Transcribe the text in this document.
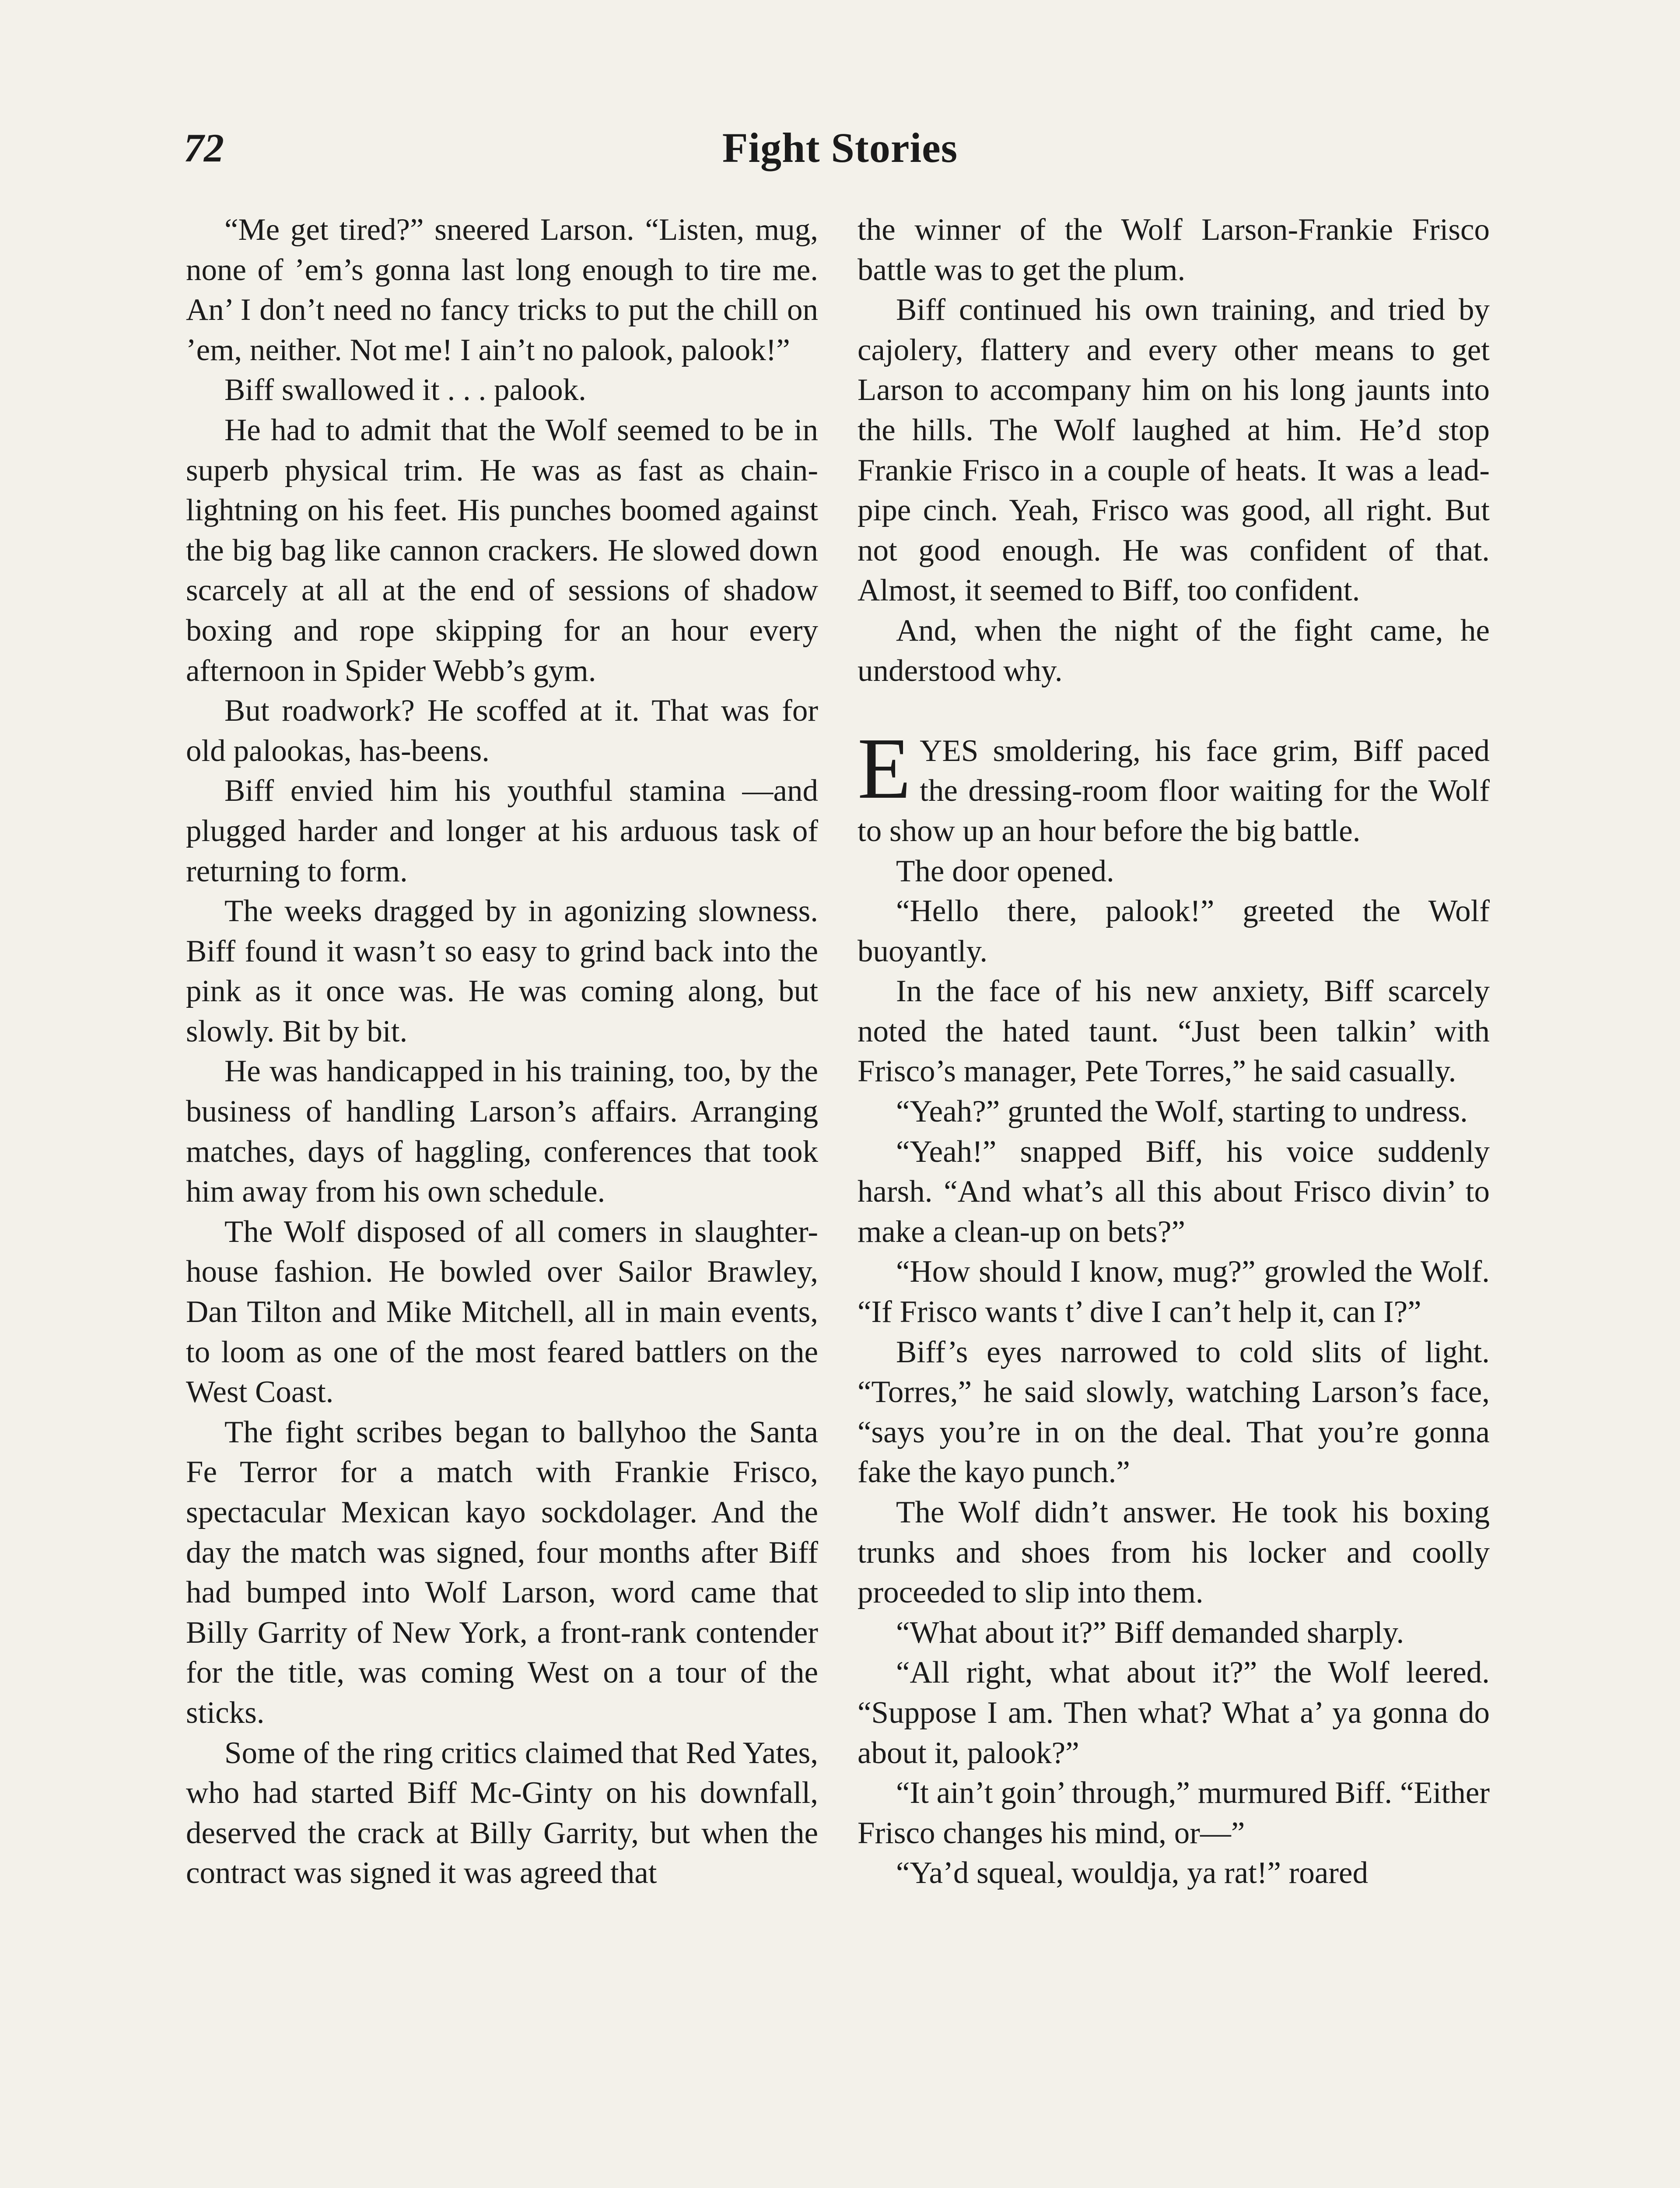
72	Fight Stories

“Me get tired?” sneered Larson. “Listen, mug, none of ’em’s gonna last long enough to tire me. An’ I don’t need no fancy tricks to put the chill on ’em, neither. Not me! I ain’t no palook, palook!”

Biff swallowed it . . . palook.

He had to admit that the Wolf seemed to be in superb physical trim. He was as fast as chain-lightning on his feet. His punches boomed against the big bag like cannon crackers. He slowed down scarcely at all at the end of sessions of shadow boxing and rope skipping for an hour every afternoon in Spider Webb’s gym.

But roadwork? He scoffed at it. That was for old palookas, has-beens.

Biff envied him his youthful stamina —and plugged harder and longer at his arduous task of returning to form.

The weeks dragged by in agonizing slowness. Biff found it wasn’t so easy to grind back into the pink as it once was. He was coming along, but slowly. Bit by bit.

He was handicapped in his training, too, by the business of handling Larson’s affairs. Arranging matches, days of haggling, conferences that took him away from his own schedule.

The Wolf disposed of all comers in slaughter-house fashion. He bowled over Sailor Brawley, Dan Tilton and Mike Mitchell, all in main events, to loom as one of the most feared battlers on the West Coast.

The fight scribes began to ballyhoo the Santa Fe Terror for a match with Frankie Frisco, spectacular Mexican kayo sockdolager. And the day the match was signed, four months after Biff had bumped into Wolf Larson, word came that Billy Garrity of New York, a front-rank contender for the title, was coming West on a tour of the sticks.

Some of the ring critics claimed that Red Yates, who had started Biff Mc-Ginty on his downfall, deserved the crack at Billy Garrity, but when the contract was signed it was agreed that

the winner of the Wolf Larson-Frankie Frisco battle was to get the plum.

Biff continued his own training, and tried by cajolery, flattery and every other means to get Larson to accompany him on his long jaunts into the hills. The Wolf laughed at him. He’d stop Frankie Frisco in a couple of heats. It was a lead-pipe cinch. Yeah, Frisco was good, all right. But not good enough. He was confident of that. Almost, it seemed to Biff, too confident.

And, when the night of the fight came, he understood why.

EYES smoldering, his face grim, Biff paced the dressing-room floor waiting for the Wolf to show up an hour before the big battle.

The door opened.

“Hello there, palook!” greeted the Wolf buoyantly.

In the face of his new anxiety, Biff scarcely noted the hated taunt. “Just been talkin’ with Frisco’s manager, Pete Torres,” he said casually.

“Yeah?” grunted the Wolf, starting to undress.

“Yeah!” snapped Biff, his voice suddenly harsh. “And what’s all this about Frisco divin’ to make a clean-up on bets?”

“How should I know, mug?” growled the Wolf. “If Frisco wants t’ dive I can’t help it, can I?”

Biff’s eyes narrowed to cold slits of light. “Torres,” he said slowly, watching Larson’s face, “says you’re in on the deal. That you’re gonna fake the kayo punch.”

The Wolf didn’t answer. He took his boxing trunks and shoes from his locker and coolly proceeded to slip into them.

“What about it?” Biff demanded sharply.

“All right, what about it?” the Wolf leered. “Suppose I am. Then what? What a’ ya gonna do about it, palook?”

“It ain’t goin’ through,” murmured Biff. “Either Frisco changes his mind, or—”

“Ya’d squeal, wouldja, ya rat!” roared
